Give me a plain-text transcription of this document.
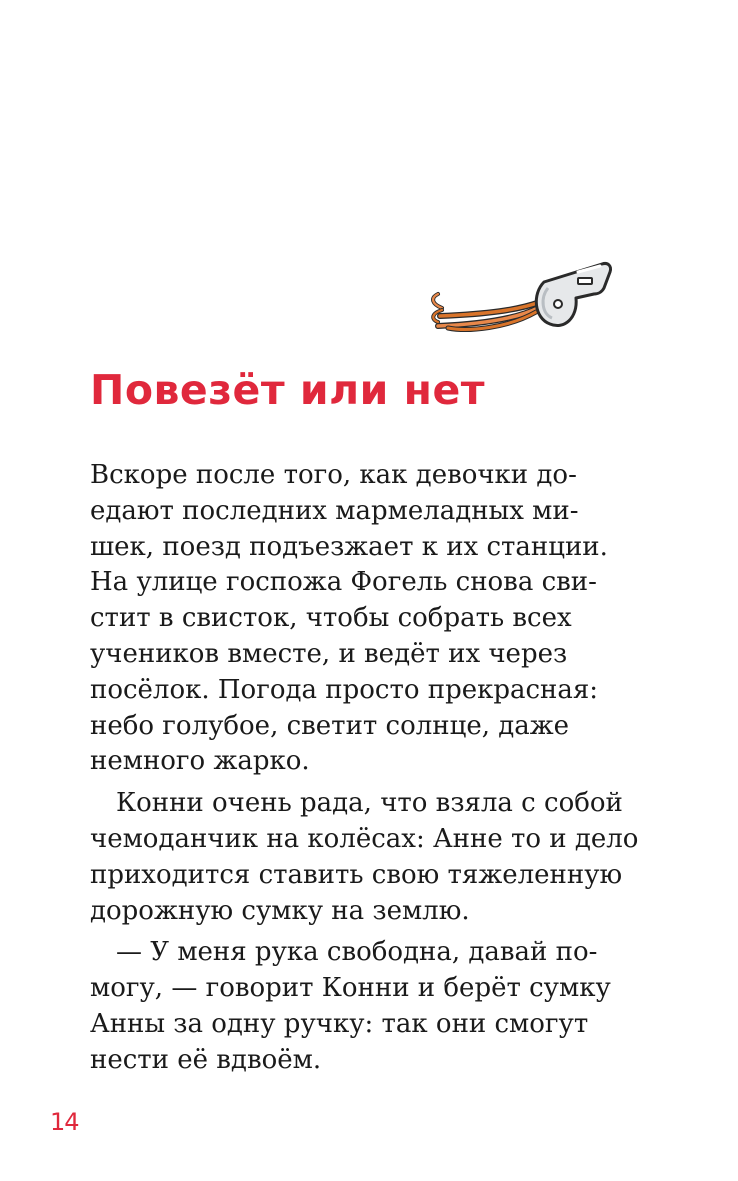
Повезёт или нет
Вскоре после того, как девочки до-
едают последних мармеладных ми-
шек, поезд подъезжает к их станции.
На улице госпожа Фогель снова сви-
стит в свисток, чтобы собрать всех
учеников вместе, и ведёт их через
посёлок. Погода просто прекрасная:
небо голубое, светит солнце, даже
немного жарко.
Конни очень рада, что взяла с собой
чемоданчик на колёсах: Анне то и дело
приходится ставить свою тяжеленную
дорожную сумку на землю.
— У меня рука свободна, давай по-
могу, — говорит Конни и берёт сумку
Анны за одну ручку: так они смогут
нести её вдвоём.
14
